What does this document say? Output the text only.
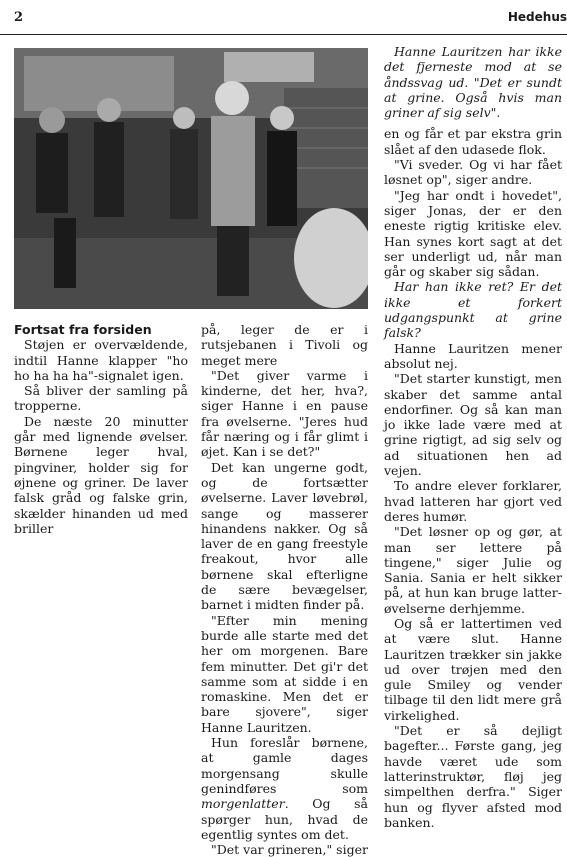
2	Hedehus

Fortsat fra forsiden

Støjen er overvældende, indtil Hanne klapper "ho ho ha ha ha"-signalet igen.

Så bliver der samling på tropperne.

De næste 20 minutter går med lignende øvelser. Børnene leger hval, pingviner, holder sig for øjnene og griner. De laver falsk gråd og falske grin, skælder hinanden ud med briller

på, leger de er i rutsjebanen i Tivoli og meget mere

"Det giver varme i kinderne, det her, hva?, siger Hanne i en pause fra øvelserne. "Jeres hud får næring og i får glimt i øjet. Kan i se det?"

Det kan ungerne godt, og de fortsætter øvelserne. Laver løvebrøl, sange og masserer hinandens nakker. Og så laver de en gang freestyle freakout, hvor alle børnene skal efterligne de sære bevægelser, barnet i midten finder på.

"Efter min mening burde alle starte med det her om morgenen. Bare fem minutter. Det gi'r det samme som at sidde i en romaskine. Men det er bare sjovere", siger Hanne Lauritzen.

Hun foreslår børnene, at gamle dages morgensang skulle genindføres som morgenlatter. Og så spørger hun, hvad de egentlig syntes om det.

"Det var grineren," siger

Hanne Lauritzen har ikke det fjerneste mod at se åndssvag ud. "Det er sundt at grine. Også hvis man griner af sig selv".

en og får et par ekstra grin slået af den udasede flok.

"Vi sveder. Og vi har fået løsnet op", siger andre.

"Jeg har ondt i hovedet", siger Jonas, der er den eneste rigtig kritiske elev. Han synes kort sagt at det ser underligt ud, når man går og skaber sig sådan.

Har han ikke ret? Er det ikke et forkert udgangspunkt at grine falsk?

Hanne Lauritzen mener absolut nej.

"Det starter kunstigt, men skaber det samme antal endorfiner. Og så kan man jo ikke lade være med at grine rigtigt, ad sig selv og ad situationen hen ad vejen.

To andre elever forklarer, hvad latteren har gjort ved deres humør.

"Det løsner op og gør, at man ser lettere på tingene," siger Julie og Sania. Sania er helt sikker på, at hun kan bruge latter-øvelserne derhjemme.

Og så er lattertimen ved at være slut. Hanne Lauritzen trækker sin jakke ud over trøjen med den gule Smiley og vender tilbage til den lidt mere grå virkelighed.

"Det er så dejligt bagefter... Første gang, jeg havde været ude som latterinstruktør, fløj jeg simpelthen derfra." Siger hun og flyver afsted mod banken.
